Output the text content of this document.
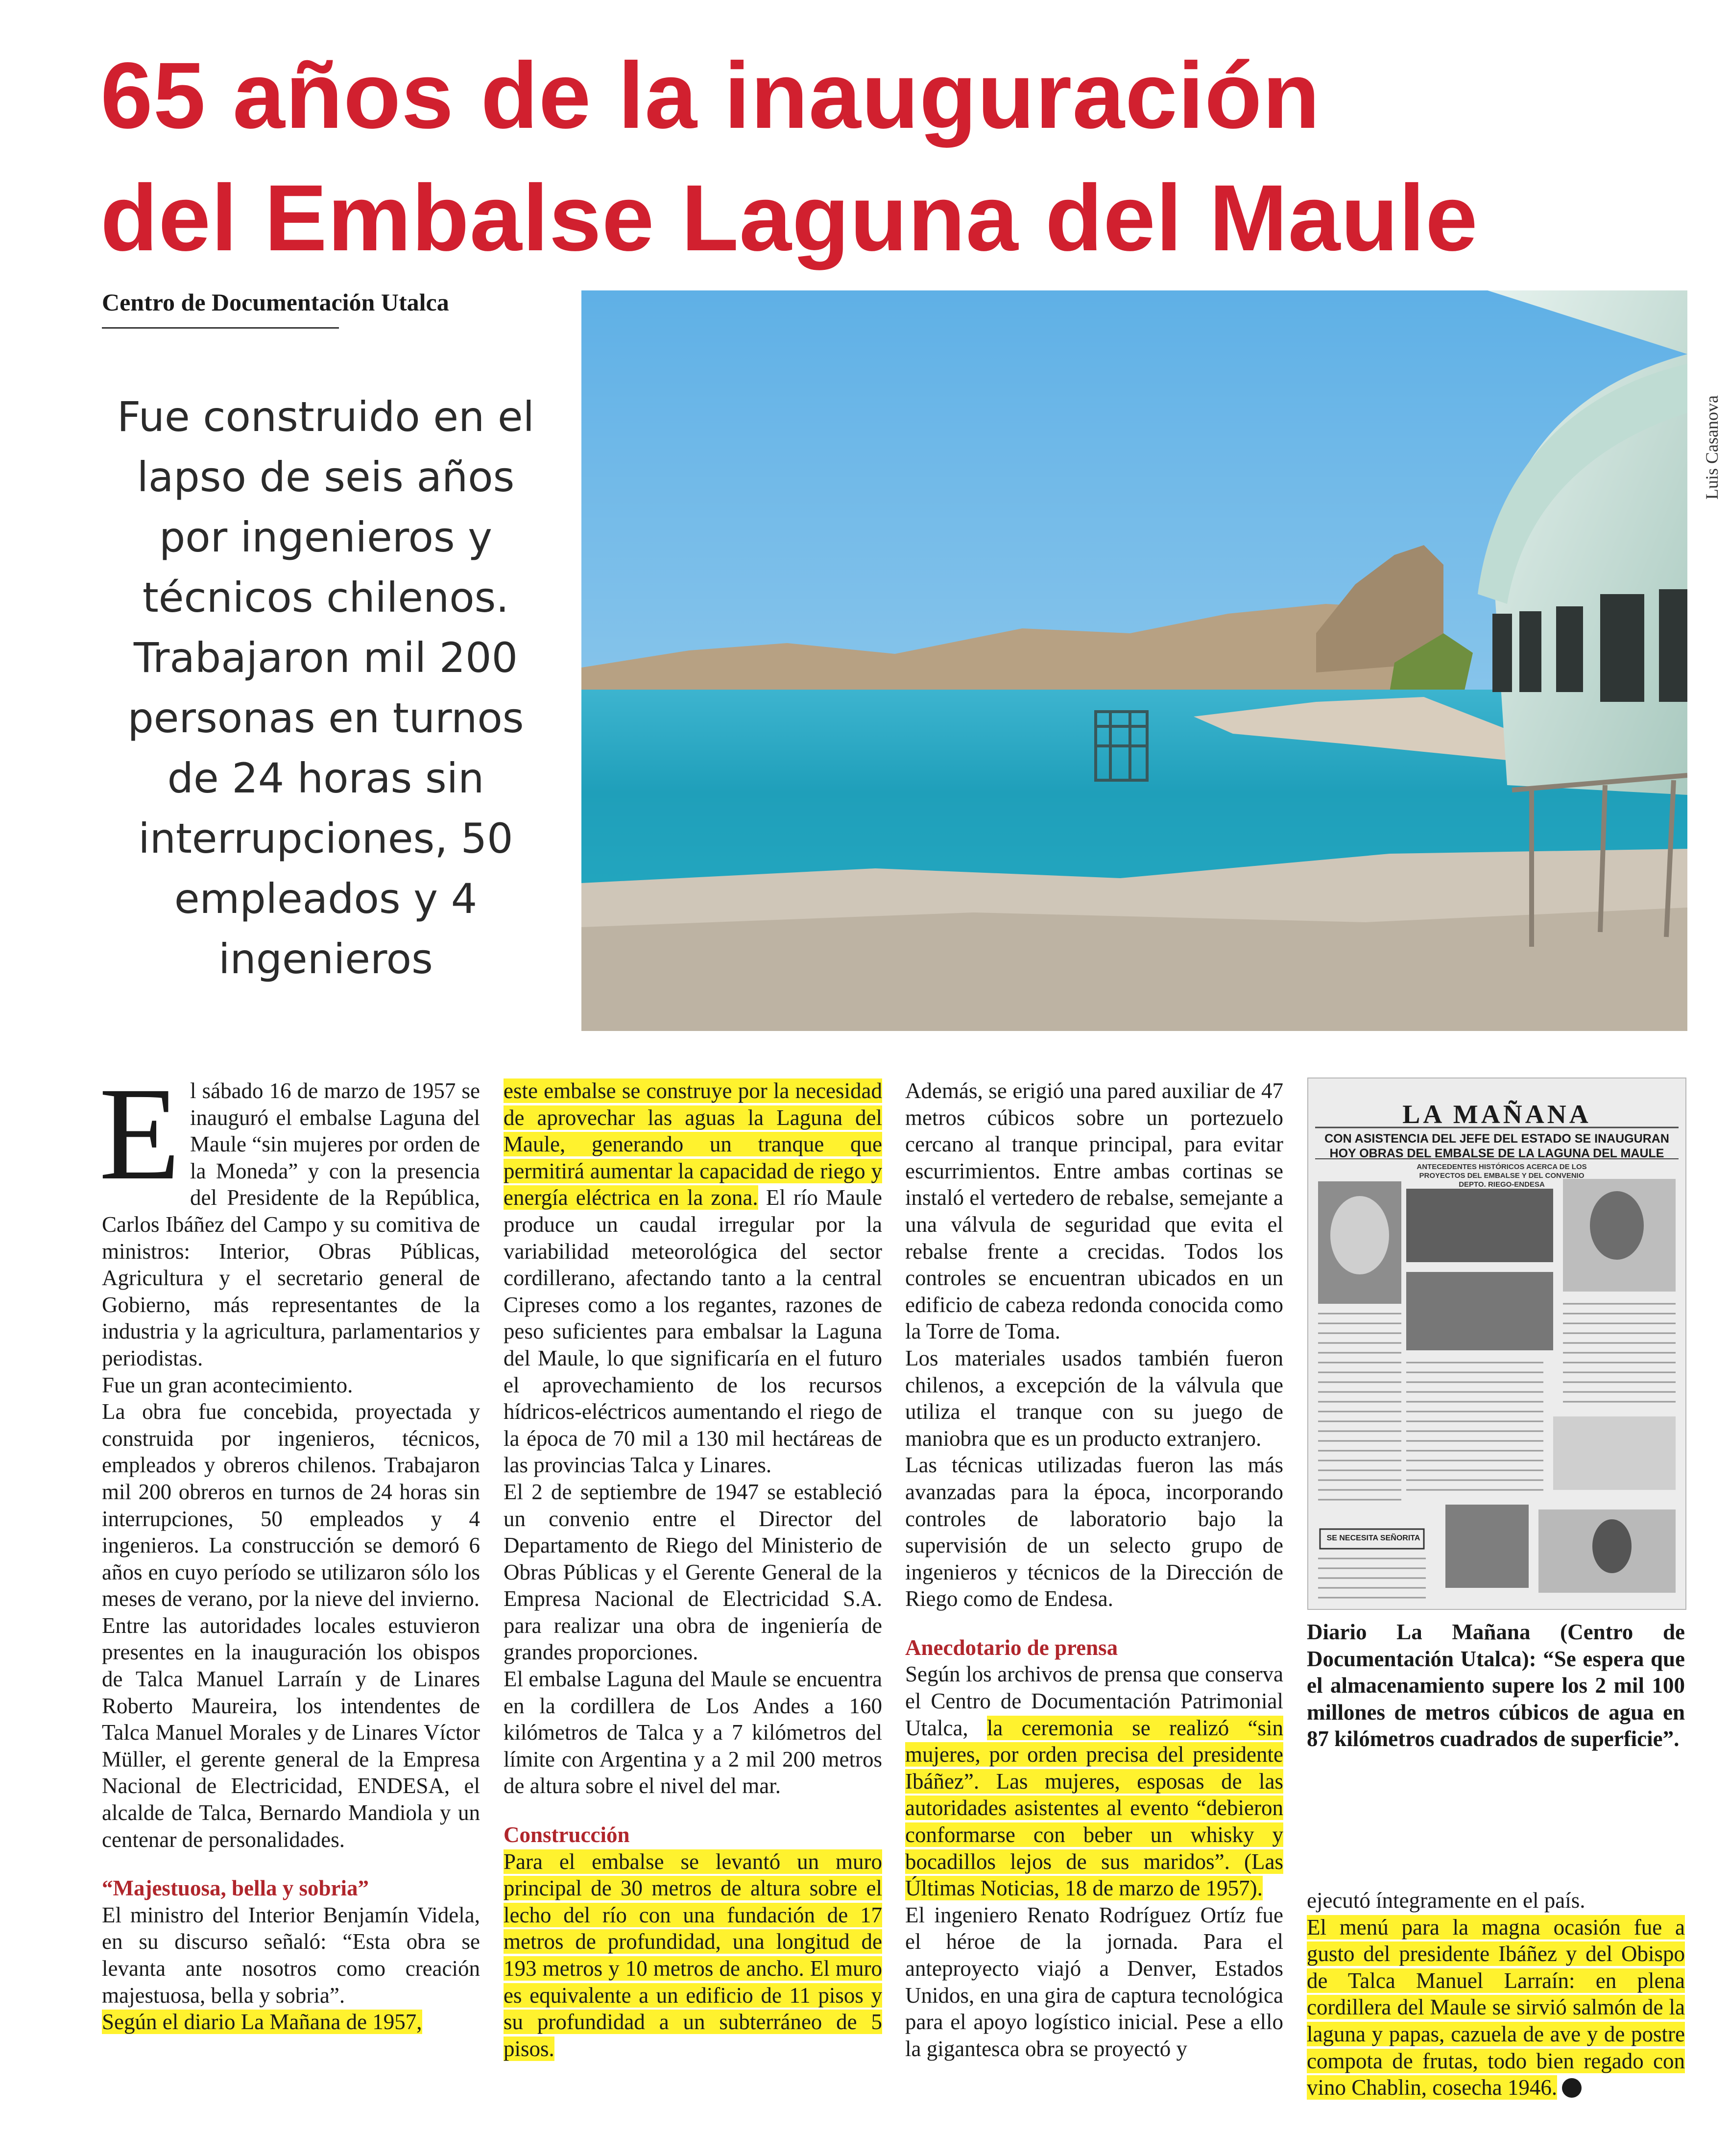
65 años de la inauguración
del Embalse Laguna del Maule
Centro de Documentación Utalca
Fue construido en el lapso de seis años por ingenieros y técnicos chilenos. Trabajaron mil 200 personas en turnos de 24 horas sin interrupciones, 50 empleados y 4 ingenieros
Luis Casanova

El sábado 16 de marzo de 1957 se inauguró el embalse Laguna del Maule “sin mujeres por orden de la Moneda” y con la presencia del Presidente de la República, Carlos Ibáñez del Campo y su comitiva de ministros: Interior, Obras Públicas, Agricultura y el secretario general de Gobierno, más representantes de la industria y la agricultura, parlamentarios y periodistas.

Fue un gran acontecimiento.

La obra fue concebida, proyectada y construida por ingenieros, técnicos, empleados y obreros chilenos. Trabajaron mil 200 obreros en turnos de 24 horas sin interrupciones, 50 empleados y 4 ingenieros. La construcción se demoró 6 años en cuyo período se utilizaron sólo los meses de verano, por la nieve del invierno.

Entre las autoridades locales estuvieron presentes en la inauguración los obispos de Talca Manuel Larraín y de Linares Roberto Maureira, los intendentes de Talca Manuel Morales y de Linares Víctor Müller, el gerente general de la Empresa Nacional de Electricidad, ENDESA, el alcalde de Talca, Bernardo Mandiola y un centenar de personalidades.

“Majestuosa, bella y sobria”

El ministro del Interior Benjamín Videla, en su discurso señaló: “Esta obra se levanta ante nosotros como creación majestuosa, bella y sobria”.

Según el diario La Mañana de 1957,

este embalse se construye por la necesidad de aprovechar las aguas la Laguna del Maule, generando un tranque que permitirá aumentar la capacidad de riego y energía eléctrica en la zona. El río Maule produce un caudal irregular por la variabilidad meteorológica del sector cordillerano, afectando tanto a la central Cipreses como a los regantes, razones de peso suficientes para embalsar la Laguna del Maule, lo que significaría en el futuro el aprovechamiento de los recursos hídricos-eléctricos aumentando el riego de la época de 70 mil a 130 mil hectáreas de las provincias Talca y Linares.

El 2 de septiembre de 1947 se estableció un convenio entre el Director del Departamento de Riego del Ministerio de Obras Públicas y el Gerente General de la Empresa Nacional de Electricidad S.A. para realizar una obra de ingeniería de grandes proporciones.

El embalse Laguna del Maule se encuentra en la cordillera de Los Andes a 160 kilómetros de Talca y a 7 kilómetros del límite con Argentina y a 2 mil 200 metros de altura sobre el nivel del mar.

Construcción

Para el embalse se levantó un muro principal de 30 metros de altura sobre el lecho del río con una fundación de 17 metros de profundidad, una longitud de 193 metros y 10 metros de ancho. El muro es equivalente a un edificio de 11 pisos y su profundidad a un subterráneo de 5 pisos.

Además, se erigió una pared auxiliar de 47 metros cúbicos sobre un portezuelo cercano al tranque principal, para evitar escurrimientos. Entre ambas cortinas se instaló el vertedero de rebalse, semejante a una válvula de seguridad que evita el rebalse frente a crecidas. Todos los controles se encuentran ubicados en un edificio de cabeza redonda conocida como la Torre de Toma.

Los materiales usados también fueron chilenos, a excepción de la válvula que utiliza el tranque con su juego de maniobra que es un producto extranjero.

Las técnicas utilizadas fueron las más avanzadas para la época, incorporando controles de laboratorio bajo la supervisión de un selecto grupo de ingenieros y técnicos de la Dirección de Riego como de Endesa.

Anecdotario de prensa

Según los archivos de prensa que conserva el Centro de Documentación Patrimonial Utalca, la ceremonia se realizó “sin mujeres, por orden precisa del presidente Ibáñez”. Las mujeres, esposas de las autoridades asistentes al evento “debieron conformarse con beber un whisky y bocadillos lejos de sus maridos”. (Las Últimas Noticias, 18 de marzo de 1957).

El ingeniero Renato Rodríguez Ortíz fue el héroe de la jornada. Para el anteproyecto viajó a Denver, Estados Unidos, en una gira de captura tecnológica para el apoyo logístico inicial. Pese a ello la gigantesca obra se proyectó y

LA MAÑANA
CON ASISTENCIA DEL JEFE DEL ESTADO SE INAUGURAN
HOY OBRAS DEL EMBALSE DE LA LAGUNA DEL MAULE
ANTECEDENTES HISTÓRICOS ACERCA DE LOS PROYECTOS DEL EMBALSE Y DEL CONVENIO DEPTO. RIEGO-ENDESA
SE NECESITA SEÑORITA
Diario La Mañana (Centro de Documentación Utalca): “Se espera que el almacenamiento supere los 2 mil 100 millones de metros cúbicos de agua en 87 kilómetros cuadrados de superficie”.

ejecutó íntegramente en el país.

El menú para la magna ocasión fue a gusto del presidente Ibáñez y del Obispo de Talca Manuel Larraín: en plena cordillera del Maule se sirvió salmón de la laguna y papas, cazuela de ave y de postre compota de frutas, todo bien regado con vino Chablin, cosecha 1946.
